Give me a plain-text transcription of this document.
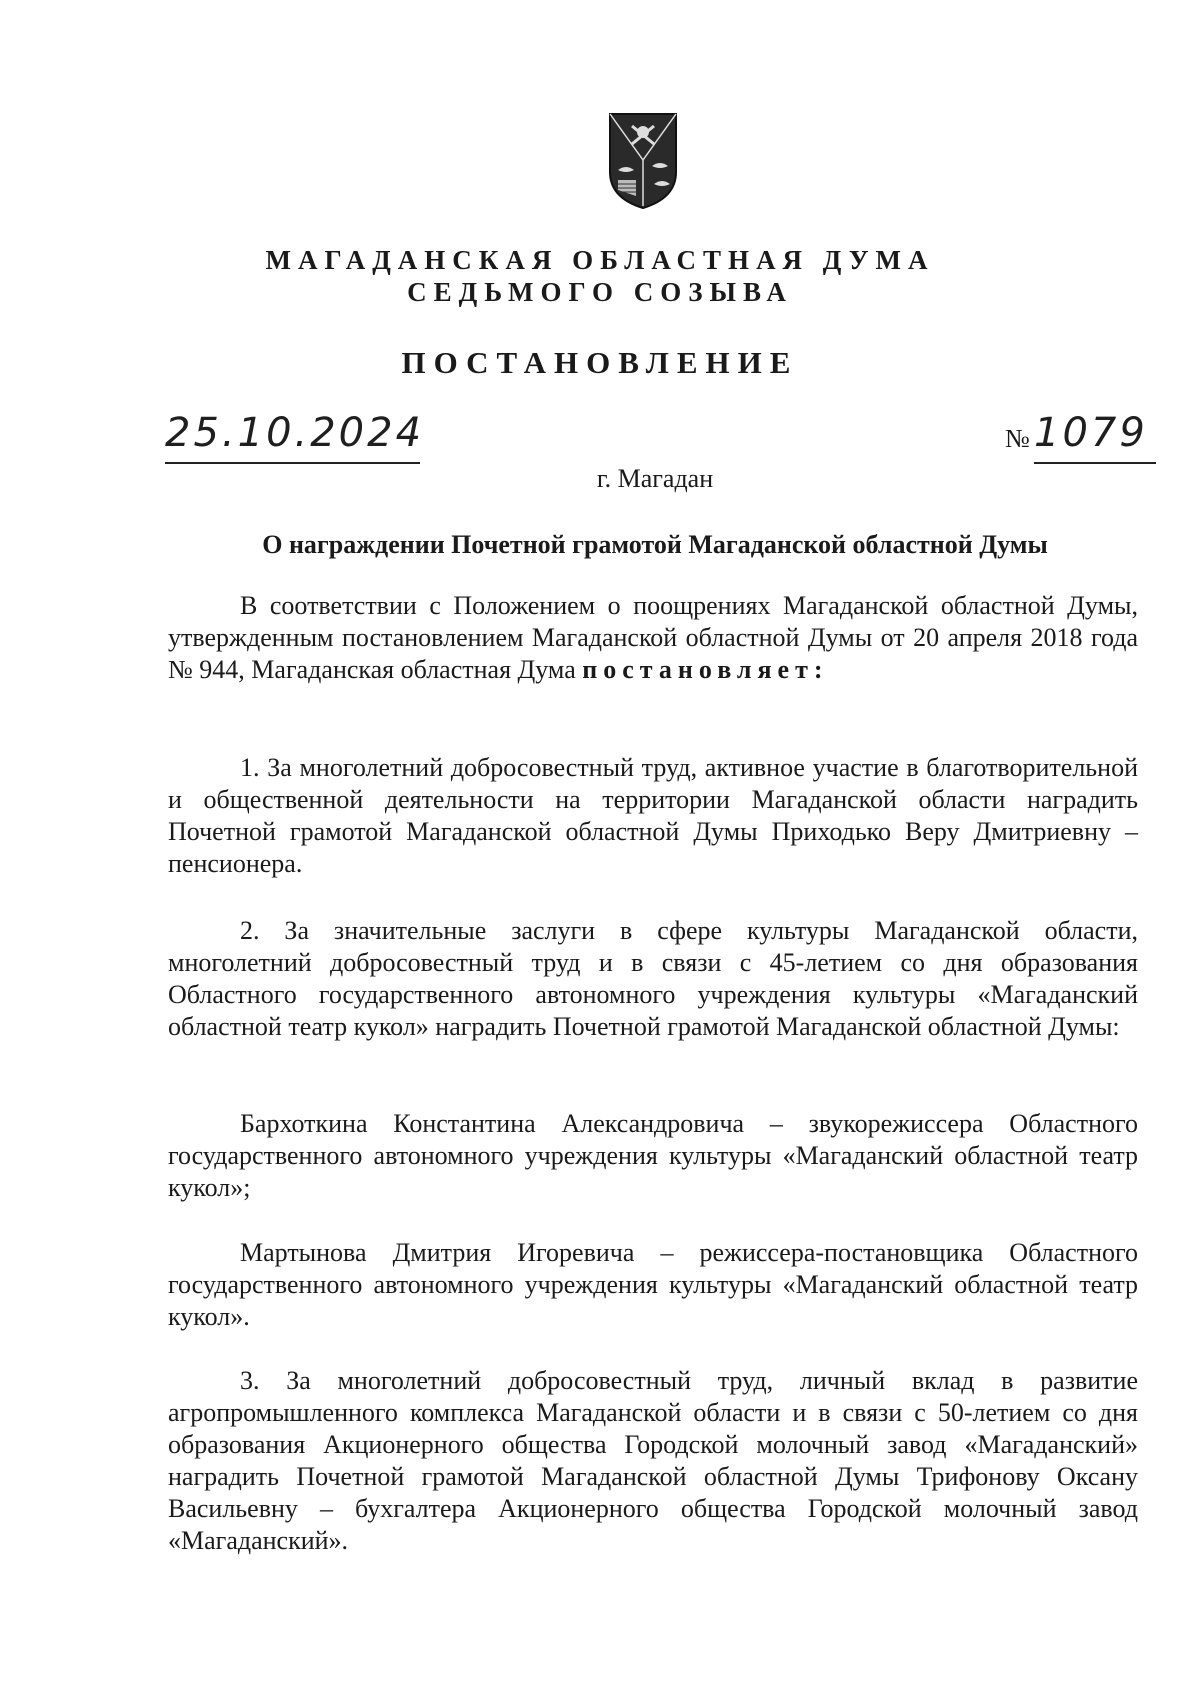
МАГАДАНСКАЯ ОБЛАСТНАЯ ДУМА
СЕДЬМОГО СОЗЫВА
ПОСТАНОВЛЕНИЕ
25.10.2024	№ 1079
г. Магадан
О награждении Почетной грамотой Магаданской областной Думы

В соответствии с Положением о поощрениях Магаданской областной Думы, утвержденным постановлением Магаданской областной Думы от 20 апреля 2018 года № 944, Магаданская областная Дума постановляет:

1. За многолетний добросовестный труд, активное участие в благотворительной и общественной деятельности на территории Магаданской области наградить Почетной грамотой Магаданской областной Думы Приходько Веру Дмитриевну – пенсионера.

2. За значительные заслуги в сфере культуры Магаданской области, многолетний добросовестный труд и в связи с 45-летием со дня образования Областного государственного автономного учреждения культуры «Магаданский областной театр кукол» наградить Почетной грамотой Магаданской областной Думы:

Бархоткина Константина Александровича – звукорежиссера Областного государственного автономного учреждения культуры «Магаданский областной театр кукол»;

Мартынова Дмитрия Игоревича – режиссера-постановщика Областного государственного автономного учреждения культуры «Магаданский областной театр кукол».

3. За многолетний добросовестный труд, личный вклад в развитие агропромышленного комплекса Магаданской области и в связи с 50-летием со дня образования Акционерного общества Городской молочный завод «Магаданский» наградить Почетной грамотой Магаданской областной Думы Трифонову Оксану Васильевну – бухгалтера Акционерного общества Городской молочный завод «Магаданский».
